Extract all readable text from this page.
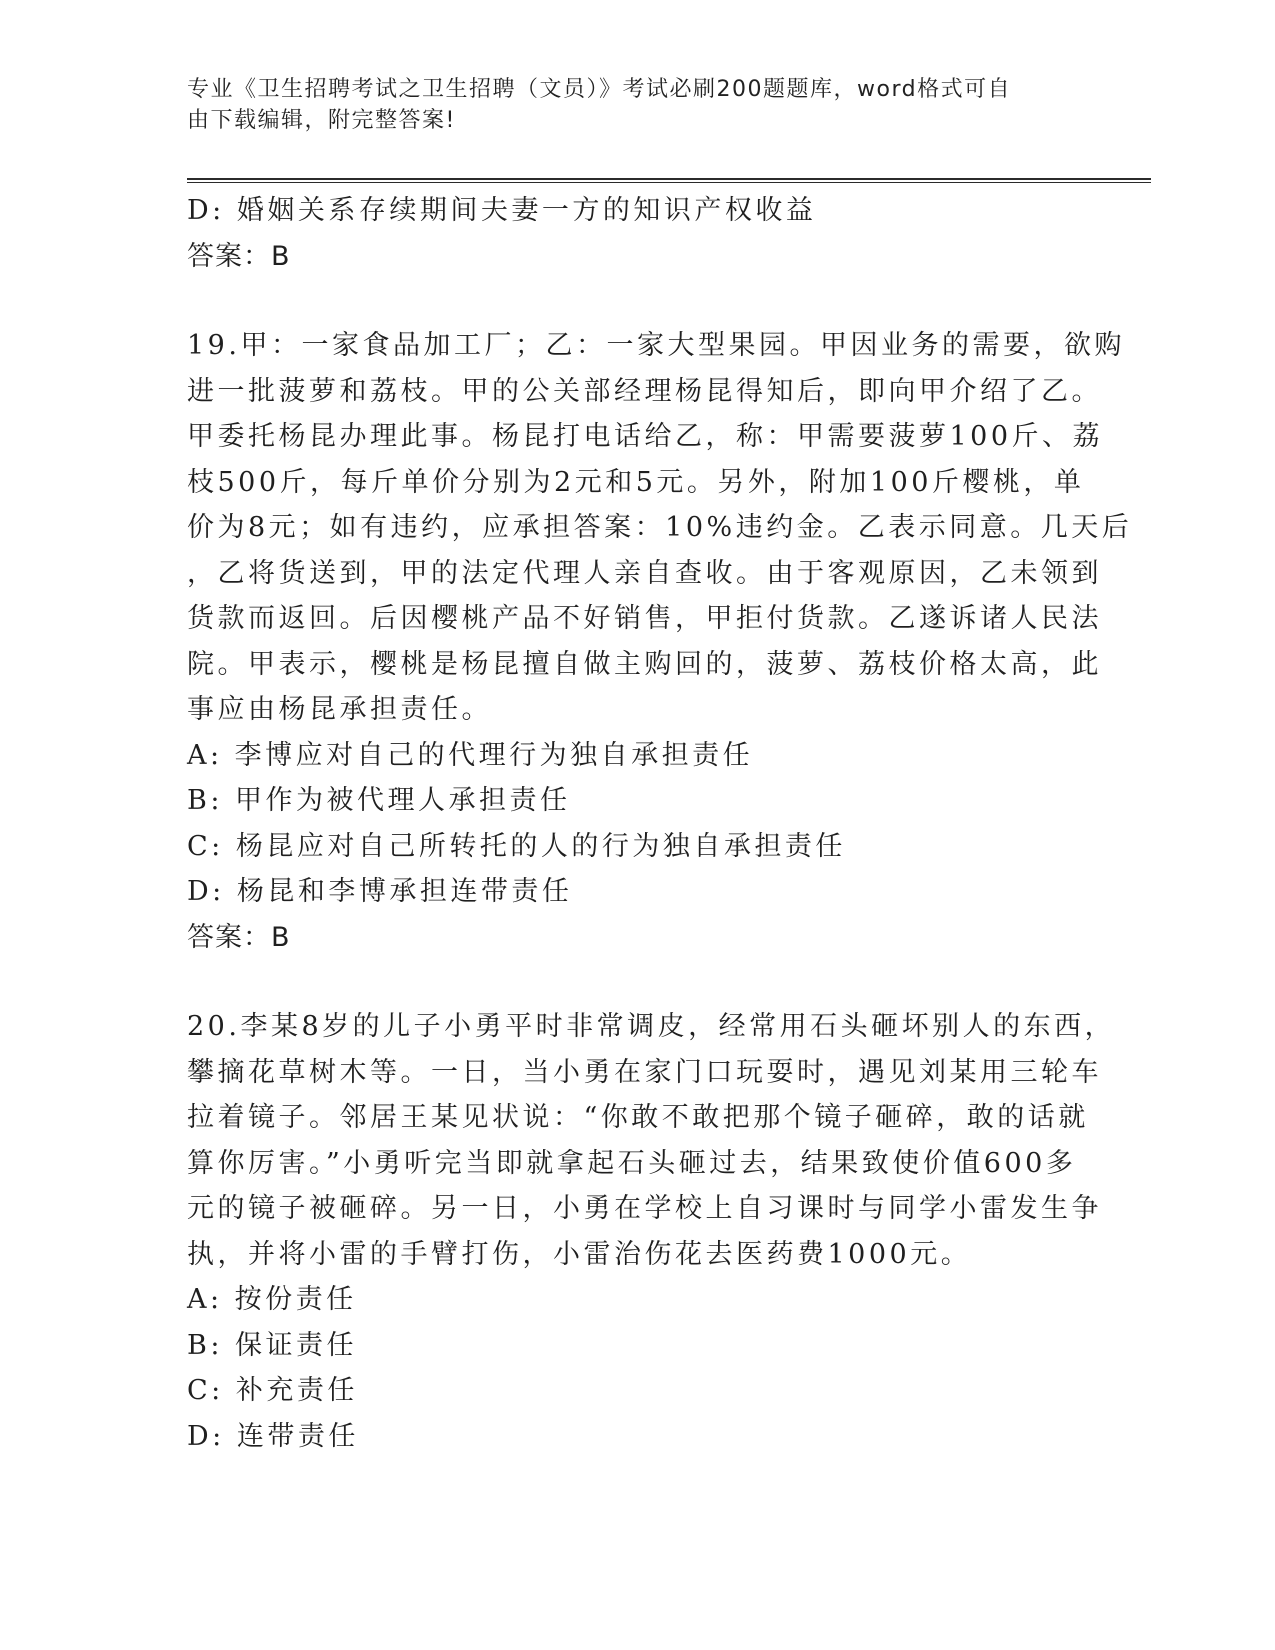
专业《卫生招聘考试之卫生招聘（文员）》考试必刷200题题库，word格式可自
由下载编辑，附完整答案!
D: 婚姻关系存续期间夫妻一方的知识产权收益
答案：B
19.甲：一家食品加工厂；乙：一家大型果园。甲因业务的需要，欲购
进一批菠萝和荔枝。甲的公关部经理杨昆得知后，即向甲介绍了乙。
甲委托杨昆办理此事。杨昆打电话给乙，称：甲需要菠萝100斤、荔
枝500斤，每斤单价分别为2元和5元。另外，附加100斤樱桃，单
价为8元；如有违约，应承担答案：10%违约金。乙表示同意。几天后
，乙将货送到，甲的法定代理人亲自查收。由于客观原因，乙未领到
货款而返回。后因樱桃产品不好销售，甲拒付货款。乙遂诉诸人民法
院。甲表示，樱桃是杨昆擅自做主购回的，菠萝、荔枝价格太高，此
事应由杨昆承担责任。
A: 李博应对自己的代理行为独自承担责任
B: 甲作为被代理人承担责任
C: 杨昆应对自己所转托的人的行为独自承担责任
D: 杨昆和李博承担连带责任
答案：B
20.李某8岁的儿子小勇平时非常调皮，经常用石头砸坏别人的东西，
攀摘花草树木等。一日，当小勇在家门口玩耍时，遇见刘某用三轮车
拉着镜子。邻居王某见状说：“你敢不敢把那个镜子砸碎，敢的话就
算你厉害。”小勇听完当即就拿起石头砸过去，结果致使价值600多
元的镜子被砸碎。另一日，小勇在学校上自习课时与同学小雷发生争
执，并将小雷的手臂打伤，小雷治伤花去医药费1000元。
A: 按份责任
B: 保证责任
C: 补充责任
D: 连带责任
